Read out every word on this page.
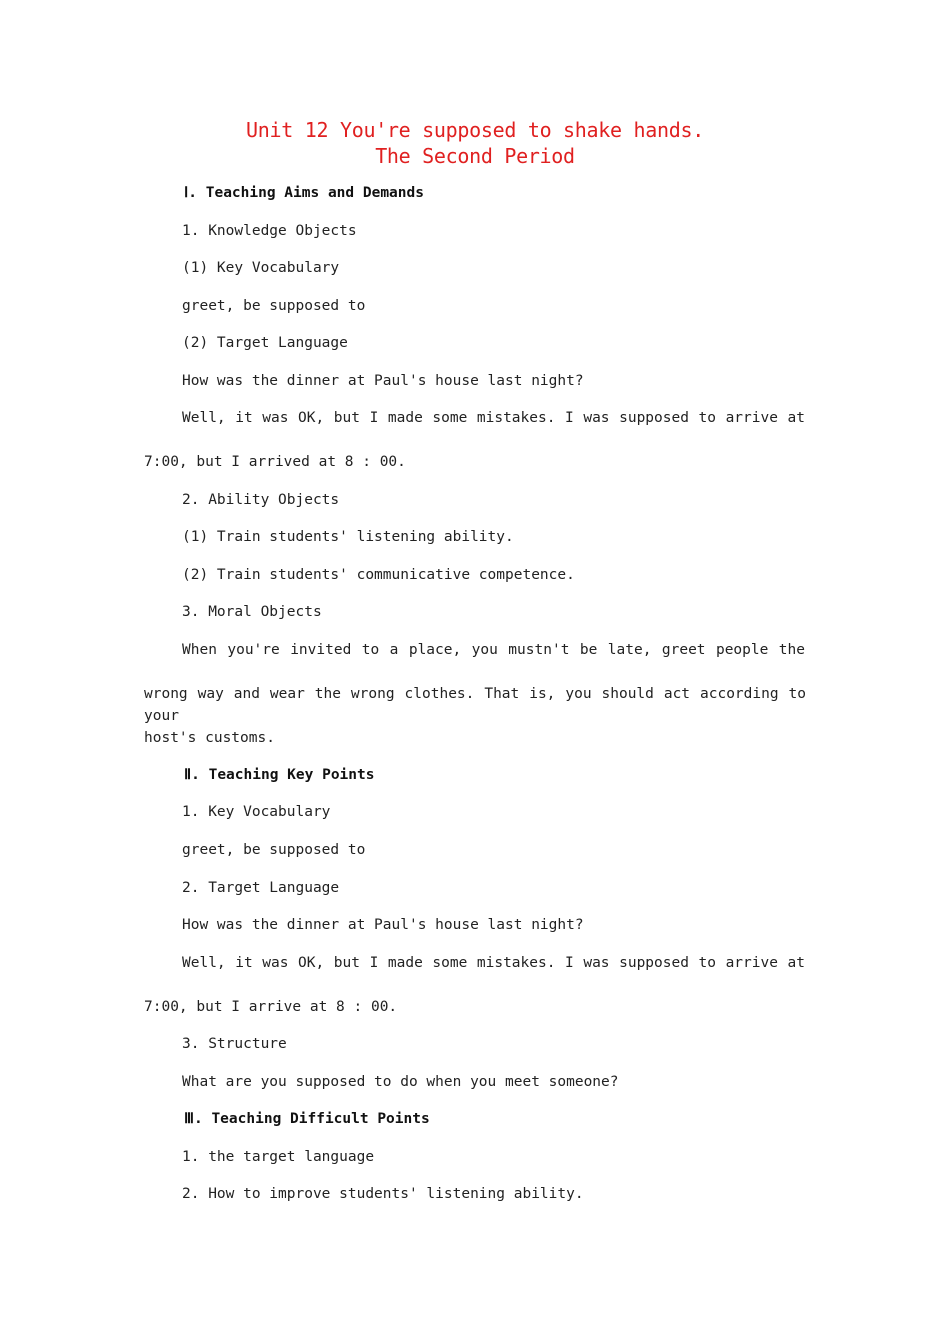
Unit 12 You're supposed to shake hands.
The Second Period
Ⅰ. Teaching Aims and Demands
1. Knowledge Objects
(1) Key Vocabulary
greet, be supposed to
(2) Target Language
How was the dinner at Paul's house last night?
Well, it was OK, but I made some mistakes. I was supposed to arrive at
7:00, but I arrived at 8 : 00.
2. Ability Objects
(1) Train students' listening ability.
(2) Train students' communicative competence.
3. Moral Objects
When you're invited to a place, you mustn't be late, greet people the
wrong way and wear the wrong clothes. That is, you should act according to your
host's customs.
Ⅱ. Teaching Key Points
1. Key Vocabulary
greet, be supposed to
2. Target Language
How was the dinner at Paul's house last night?
Well, it was OK, but I made some mistakes. I was supposed to arrive at
7:00, but I arrive at 8 : 00.
3. Structure
What are you supposed to do when you meet someone?
Ⅲ. Teaching Difficult Points
1. the target language
2. How to improve students' listening ability.
